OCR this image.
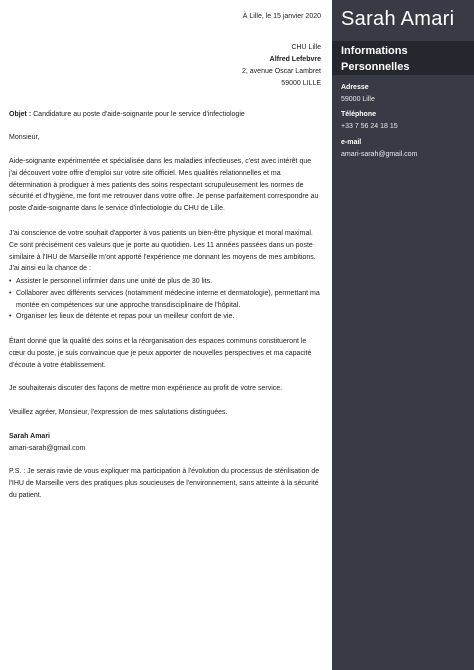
À Lille, le 15 janvier 2020
CHU Lille
Alfred Lefebvre
2, avenue Oscar Lambret
59000 LILLE
Objet : Candidature au poste d'aide-soignante pour le service d'infectiologie
Monsieur,
Aide-soignante expérimentée et spécialisée dans les maladies infectieuses, c'est avec intérêt que j'ai découvert votre offre d'emploi sur votre site officiel. Mes qualités relationnelles et ma détermination à prodiguer à mes patients des soins respectant scrupuleusement les normes de sécurité et d'hygiène, me font me retrouver dans votre offre. Je pense parfaitement correspondre au poste d'aide-soignante dans le service d'infectiologie du CHU de Lille.
J'ai conscience de votre souhait d'apporter à vos patients un bien-être physique et moral maximal. Ce sont précisément ces valeurs que je porte au quotidien. Les 11 années passées dans un poste similaire à l'IHU de Marseille m'ont apporté l'expérience me donnant les moyens de mes ambitions. J'ai ainsi eu la chance de :
• Assister le personnel infirmier dans une unité de plus de 30 lits.
• Collaborer avec différents services (notamment médecine interne et dermatologie), permettant ma montée en compétences sur une approche transdisciplinaire de l'hôpital.
• Organiser les lieux de détente et repas pour un meilleur confort de vie.
Étant donné que la qualité des soins et la réorganisation des espaces communs constitueront le cœur du poste, je suis convaincue que je peux apporter de nouvelles perspectives et ma capacité d'écoute à votre établissement.
Je souhaiterais discuter des façons de mettre mon expérience au profit de votre service.
Veuillez agréer, Monsieur, l'expression de mes salutations distinguées.
Sarah Amari
amari-sarah@gmail.com
P.S. : Je serais ravie de vous expliquer ma participation à l'évolution du processus de stérilisation de l'IHU de Marseille vers des pratiques plus soucieuses de l'environnement, sans atteinte à la sécurité du patient.
Sarah Amari
Informations
Personnelles
Adresse
59000 Lille
Téléphone
+33 7 56 24 18 15
e-mail
amari-sarah@gmail.com
